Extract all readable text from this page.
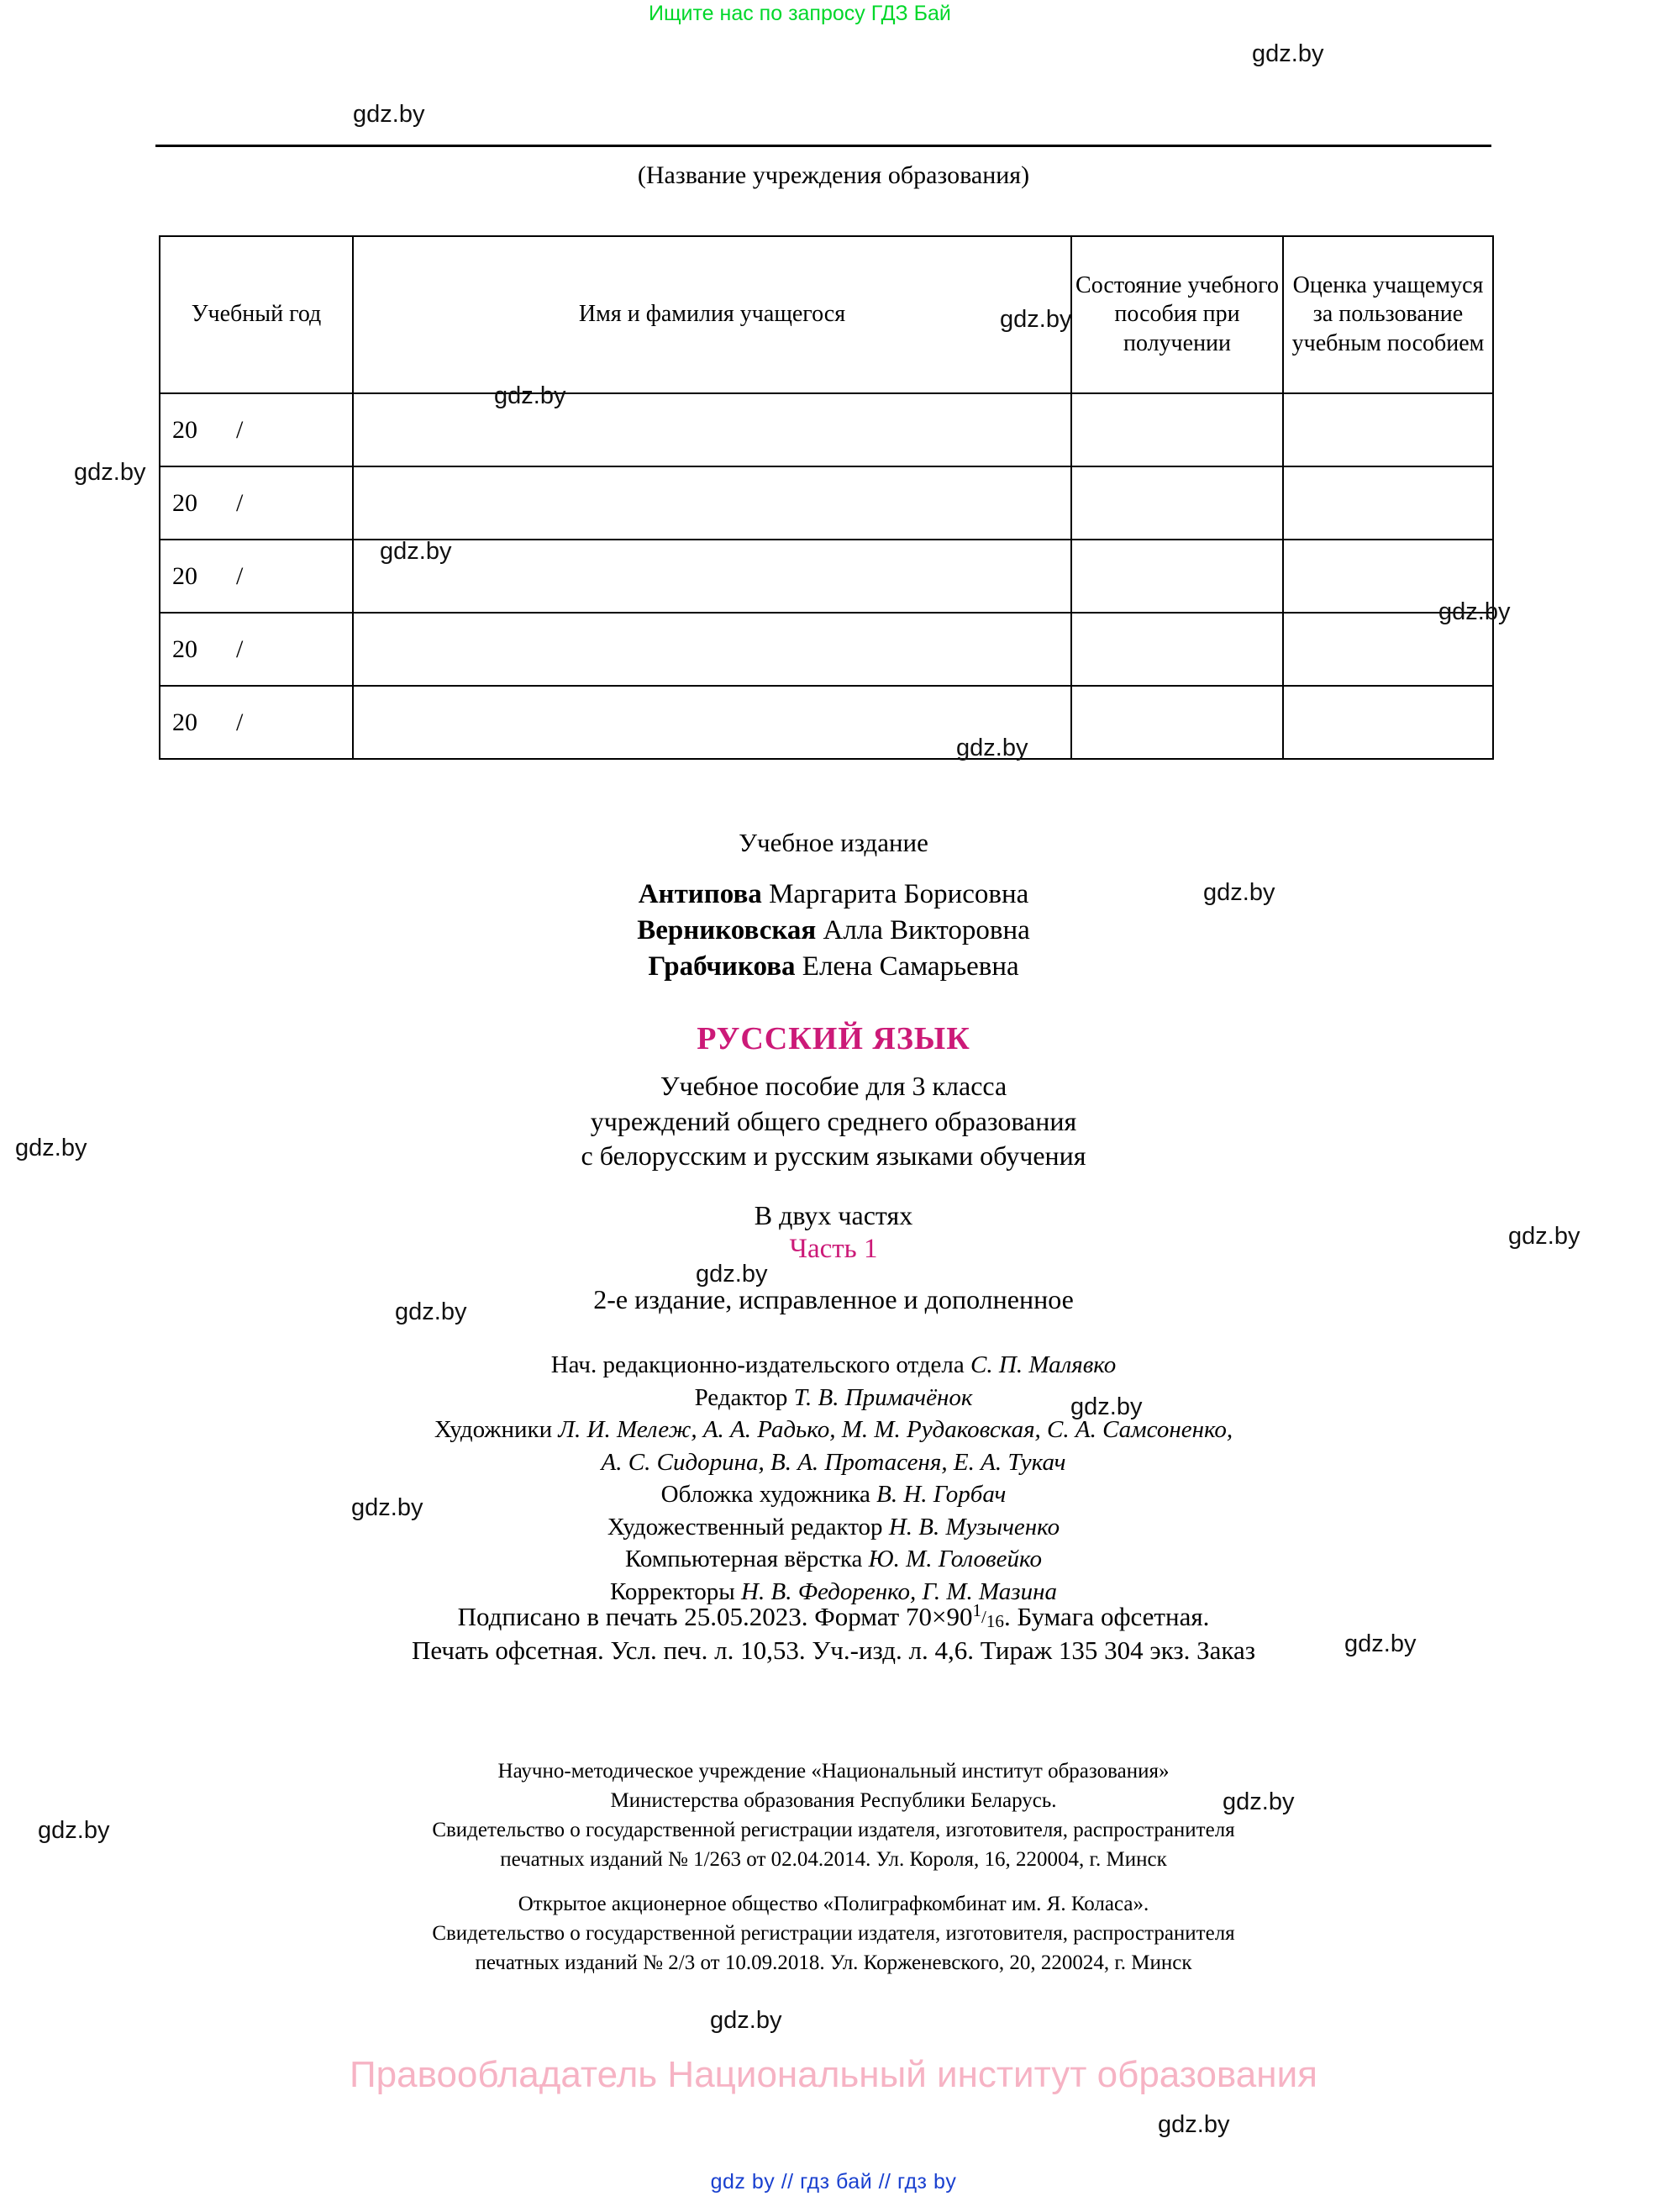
Ищите нас по запросу ГДЗ Бай
gdz.by
gdz.by
gdz.by
gdz.by
gdz.by
gdz.by
gdz.by
gdz.by
gdz.by
gdz.by
gdz.by
gdz.by
gdz.by
gdz.by
gdz.by
gdz.by
gdz.by
gdz.by
gdz.by
gdz.by
(Название учреждения образования)
Учебный год	Имя и фамилия учащегося	Состояние учебного пособия при получении	Оценка учащемуся за пользование учебным пособием
20 /			
20 /			
20 /			
20 /			
20 /			
Учебное издание
Антипова Маргарита Борисовна
Верниковская Алла Викторовна
Грабчикова Елена Самарьевна
РУССКИЙ ЯЗЫК
Учебное пособие для 3 класса
учреждений общего среднего образования
с белорусским и русским языками обучения
В двух частях
Часть 1
2-е издание, исправленное и дополненное
Нач. редакционно-издательского отдела С. П. Малявко
Редактор Т. В. Примачёнок
Художники Л. И. Мележ, А. А. Радько, М. М. Рудаковская, С. А. Самсоненко,
А. С. Сидорина, В. А. Протасеня, Е. А. Тукач
Обложка художника В. Н. Горбач
Художественный редактор Н. В. Музыченко
Компьютерная вёрстка Ю. М. Головейко
Корректоры Н. В. Федоренко, Г. М. Мазина
Подписано в печать 25.05.2023. Формат $70\times 90^1/_{16}$. Бумага офсетная.
Печать офсетная. Усл. печ. л. 10,53. Уч.-изд. л. 4,6. Тираж 135 304 экз. Заказ
Научно-методическое учреждение «Национальный институт образования»
Министерства образования Республики Беларусь.
Свидетельство о государственной регистрации издателя, изготовителя, распространителя
печатных изданий № 1/263 от 02.04.2014. Ул. Короля, 16, 220004, г. Минск
Открытое акционерное общество «Полиграфкомбинат им. Я. Коласа».
Свидетельство о государственной регистрации издателя, изготовителя, распространителя
печатных изданий № 2/3 от 10.09.2018. Ул. Корженевского, 20, 220024, г. Минск
Правообладатель Национальный институт образования
gdz by // гдз бай // гдз by
